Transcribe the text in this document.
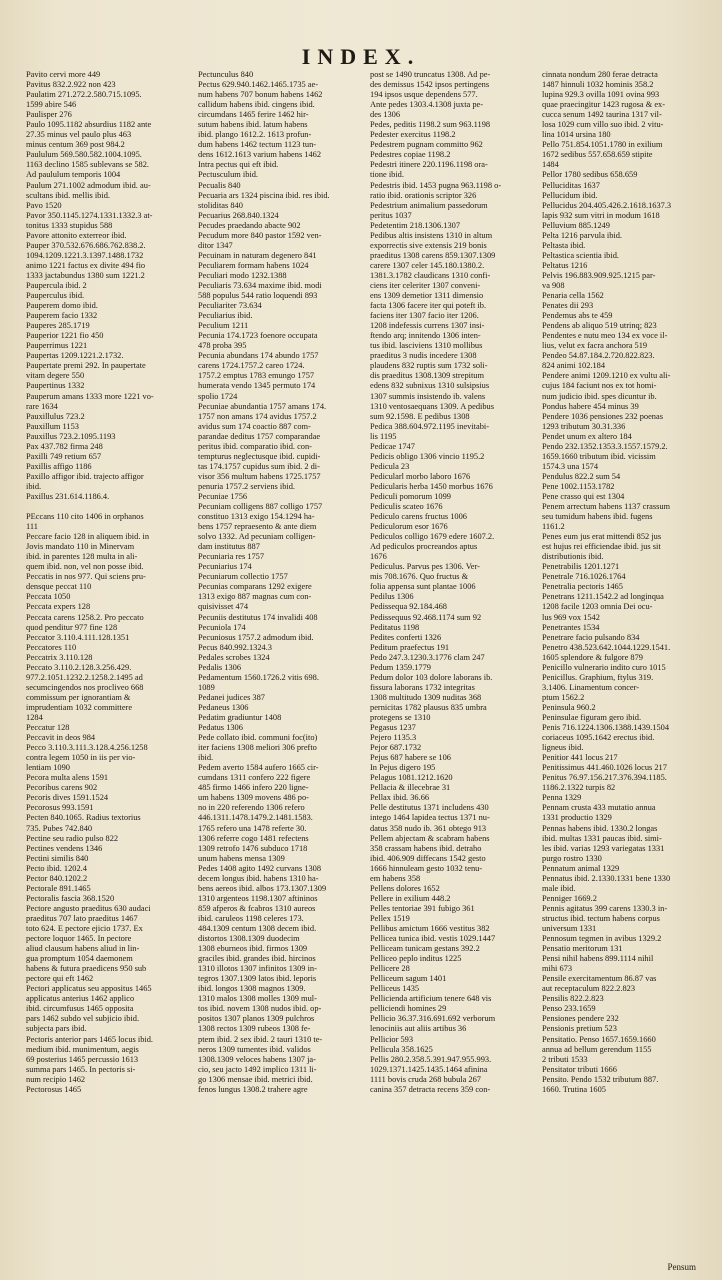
INDEX.
Pavito cervi more 449
Pavitus 832.2.922 non 423
Paulatim 271.272.2.580.715.1095.
1599 abire 546
Paulisper 276
Paulo 1095.1182 absurdius 1182 ante
27.35 minus vel paulo plus 463
minus centum 369 post 984.2
Paululum 569.580.582.1004.1095.
1163 declino 1585 sublevans se 582.
Ad paululum temporis 1004
Paulum 271.1002 admodum ibid. au-
scultans ibid. mellis ibid.
Pavo 1520
Pavor 350.1145.1274.1331.1332.3 at-
tonitus 1333 stupidus 588
Pavore attonito exterreor ibid.
Pauper 370.532.676.686.762.838.2.
1094.1209.1221.3.1397.1488.1732
animo 1221 factus ex divite 494 fio
1333 jactabundus 1380 sum 1221.2
Paupercula ibid. 2
Pauperculus ibid.
Pauperem domo ibid.
Pauperem facio 1332
Pauperes 285.1719
Pauperior 1221 fio 450
Pauperrimus 1221
Paupertas 1209.1221.2.1732.
Paupertate premi 292. In paupertate
vitam degere 550
Paupertinus 1332
Pauperum amans 1333 more 1221 vo-
rare 1634
Pauxillulus 723.2
Pauxillum 1153
Pauxillus 723.2.1095.1193
Pax 437.782 firma 248
Paxilli 749 retium 657
Paxillis affigo 1186
Paxillo affigor ibid. trajecto affigor
ibid.
Paxillus 231.614.1186.4.

PEccans 110 cito 1406 in orphanos
111
Peccare facio 128 in aliquem ibid. in
Jovis mandato 110 in Minervam
ibid. in parentes 128 multa in ali-
quem ibid. non, vel non posse ibid.
Peccatis in nos 977. Qui sciens pru-
densque peccat 110
Peccata 1050
Peccata expers 128
Peccata carens 1258.2. Pro peccato
quod penditur 977 fine 128
Peccator 3.110.4.111.128.1351
Peccatores 110
Peccatrix 3.110.128
Peccato 3.110.2.128.3.256.429.
977.2.1051.1232.2.1258.2.1495 ad
secumcingendos nos procliveo 668
commissum per ignorantiam &
imprudentiam 1032 committere
1284
Peccatur 128
Peccavit in deos 984
Pecco 3.110.3.111.3.128.4.256.1258
contra legem 1050 in iis per vio-
lentiam 1090
Pecora multa alens 1591
Pecoribus carens 902
Pecoris dives 1591.1524
Pecorosus 993.1591
Pecten 840.1065. Radius textorius
735. Pubes 742.840
Pectine seu radio pulso 822
Pectines vendens 1346
Pectini similis 840
Pecto ibid. 1202.4
Pector 840.1202.2
Pectorale 891.1465
Pectoralis fascia 368.1520
Pectore angusto praeditus 630 audaci
praeditus 707 lato praeditus 1467
toto 624. E pectore ejicio 1737. Ex
pectore loquor 1465. In pectore
aliud clausum habens aliud in lin-
gua promptum 1054 daemonem
habens & futura praedicens 950 sub
pectore qui eft 1462
Pectori applicatus seu appositus 1465
applicatus anterius 1462 applico
ibid. circumfusus 1465 opposita
pars 1462 subdo vel subjicio ibid.
subjecta pars ibid.
Pectoris anterior pars 1465 locus ibid.
medium ibid. munimentum, aegis
69 posterius 1465 percussio 1613
summa pars 1465. In pectoris si-
num recipio 1462
Pectorosus 1465
Pectunculus 840
Pectus 629.940.1462.1465.1735 ae-
num habens 707 bonum habens 1462
callidum habens ibid. cingens ibid.
circumdans 1465 ferire 1462 hir-
sutum habens ibid. latum habens
ibid. plango 1612.2. 1613 profun-
dum habens 1462 tectum 1123 tun-
dens 1612.1613 varium habens 1462
Intra pectus qui eft ibid.
Pectusculum ibid.
Pecualis 840
Pecuaria ars 1324 piscina ibid. res ibid.
stoliditas 840
Pecuarius 268.840.1324
Pecudes praedando abacte 902
Pecudum more 840 pastor 1592 ven-
ditor 1347
Pecuinam in naturam degenero 841
Peculiarem formam habens 1024
Peculiari modo 1232.1388
Peculiaris 73.634 maxime ibid. modi
588 populus 544 ratio loquendi 893
Peculiariter 73.634
Peculiarius ibid.
Peculium 1211
Pecunia 174.1723 foenore occupata
478 proba 395
Pecunia abundans 174 abundo 1757
carens 1724.1757.2 careo 1724.
1757.2 emptus 1783 emungo 1757
humerata vendo 1345 permuto 174
spolio 1724
Pecuniae abundantia 1757 amans 174.
1757 non amans 174 avidus 1757.2
avidus sum 174 coactio 887 com-
parandae deditus 1757 comparandae
peritus ibid. comparatio ibid. con-
tempturus neglectusque ibid. cupidi-
tas 174.1757 cupidus sum ibid. 2 di-
visor 356 multum habens 1725.1757
penuria 1757.2 serviens ibid.
Pecuniae 1756
Pecuniam colligens 887 colligo 1757
constituo 1313 exigo 154.1294 ha-
bens 1757 repraesento & ante diem
solvo 1332. Ad pecuniam colligen-
dam institutus 887
Pecuniaria res 1757
Pecuniarius 174
Pecuniarum collectio 1757
Pecunias comparans 1292 exigere
1313 exigo 887 magnas cum con-
quisivisset 474
Pecuniis destitutus 174 invalidi 408
Pecuniola 174
Pecuniosus 1757.2 admodum ibid.
Pecus 840.992.1324.3
Pedales scrobes 1324
Pedalis 1306
Pedamentum 1560.1726.2 vitis 698.
1089
Pedanei judices 387
Pedaneus 1306
Pedatim gradiuntur 1408
Pedatus 1306
Pede collato ibid. communi foc(ito)
iter faciens 1308 meliori 306 prefto
ibid.
Pedem averto 1584 aufero 1665 cir-
cumdans 1311 confero 222 figere
485 firmo 1466 infero 220 ligne-
um habens 1309 movens 486 po-
no in 220 referendo 1306 refero
446.1311.1478.1479.2.1481.1583.
1765 refero una 1478 referte 30.
1306 referre cogo 1481 refectens
1309 retrofo 1476 subduco 1718
unum habens mensa 1309
Pedes 1408 agito 1492 curvans 1308
decem longus ibid. habens 1310 ha-
bens aereos ibid. albos 173.1307.1309
1310 argenteos 1198.1307 aftininos
859 afperos & fcabros 1310 aureos
ibid. caruleos 1198 celeres 173.
484.1309 centum 1308 decem ibid.
distortos 1308.1309 duodecim
1308 eburneos ibid. firmos 1309
graciles ibid. grandes ibid. hircinos
1310 illotos 1307 infinitos 1309 in-
tegros 1307.1309 latos ibid. leporis
ibid. longos 1308 magnos 1309.
1310 malos 1308 molles 1309 mul-
tos ibid. novem 1308 nudos ibid. op-
positos 1307 planos 1309 pulchros
1308 rectos 1309 rubeos 1308 fe-
ptem ibid. 2 sex ibid. 2 tauri 1310 te-
neros 1309 tumentes ibid. validos
1308.1309 veloces habens 1307 ja-
cio, seu jacto 1492 implico 1311 li-
go 1306 mensae ibid. metrici ibid.
fenos lungus 1308.2 trahere agre
post se 1490 truncatus 1308. Ad pe-
des demissus 1542 ipsos pertingens
194 ipsos usque dependens 577.
Ante pedes 1303.4.1308 juxta pe-
des 1306
Pedes, peditis 1198.2 sum 963.1198
Pedester exercitus 1198.2
Pedestrem pugnam committo 962
Pedestres copiae 1198.2
Pedestri itinere 220.1196.1198 ora-
tione ibid.
Pedestris ibid. 1453 pugna 963.1198 o-
ratio ibid. orationis scriptor 326
Pedestrium animalium passedorum
peritus 1037
Pedetentim 218.1306.1307
Pedibus altis insistens 1310 in altum
exporrectis sive extensis 219 bonis
praeditus 1308 carens 859.1307.1309
carere 1307 celer 145.180.1380.2.
1381.3.1782 claudicans 1310 confi-
ciens iter celeriter 1307 conveni-
ens 1309 demetior 1311 dimensio
facta 1306 facere iter qui poteft ib.
faciens iter 1307 facio iter 1206.
1208 indefessis currens 1307 insi-
ftendo arq; innitendo 1306 inten-
tus ibid. lasciviens 1310 mollibus
praeditus 3 nudis incedere 1308
plaudens 832 ruptis sum 1732 soli-
dis praeditus 1308.1309 strepitum
edens 832 subnixus 1310 sulsipsius
1307 summis insistendo ib. valens
1310 ventosaequans 1309. A pedibus
sum 92.1598. E pedibus 1308
Pedica 388.604.972.1195 inevitabi-
lis 1195
Pedicae 1747
Pedicis obligo 1306 vincio 1195.2
Pedicula 23
Pedicularl morbo laboro 1676
Pedicularis herba 1450 morbus 1676
Pediculi pomorum 1099
Pediculis scateo 1676
Pediculo carens fructus 1006
Pediculorum esor 1676
Pediculos colligo 1679 edere 1607.2.
Ad pediculos procreandos aptus
1676
Pediculus. Parvus pes 1306. Ver-
mis 708.1676. Quo fructus &
folia appensa sunt plantae 1006
Pedilus 1306
Pedissequa 92.184.468
Pedissequus 92.468.1174 sum 92
Peditatus 1198
Pedites conferti 1326
Peditum praefectus 191
Pedo 247.3.1230.3.1776 clam 247
Pedum 1359.1779
Pedum dolor 103 dolore laborans ib.
fissura laborans 1732 integritas
1308 multitudo 1309 nuditas 368
pernicitas 1782 plausus 835 umbra
protegens se 1310
Pegasus 1237
Pejero 1135.3
Pejor 687.1732
Pejus 687 habere se 106
In Pejus digero 195
Pelagus 1081.1212.1620
Pellacia & illecebrae 31
Pellax ibid. 36.66
Pelle destitutus 1371 includens 430
intego 1464 lapidea tectus 1371 nu-
datus 358 nudo ib. 361 obtego 913
Pellem abjectam & scabram habens
358 crassam habens ibid. detraho
ibid. 406.909 diffecans 1542 gesto
1666 hinnuleam gesto 1032 tenu-
em habens 358
Pellens dolores 1652
Pellere in exilium 448.2
Pelles tentoriae 391 fubigo 361
Pellex 1519
Pellibus amictum 1666 vestitus 382
Pellicea tunica ibid. vestis 1029.1447
Pelliceam tunicam gestans 392.2
Pelliceo peplo inditus 1225
Pellicere 28
Pelliceum sagum 1401
Pelliceus 1435
Pellicienda artificium tenere 648 vis
pelliciendi homines 29
Pellicio 36.37.316.691.692 verborum
lenociniis aut aliis artibus 36
Pellicior 593
Pellicula 358.1625
Pellis 280.2.358.5.391.947.955.993.
1029.1371.1425.1435.1464 afinina
1111 bovis cruda 268 bubula 267
canina 357 detracta recens 359 con-
cinnata nondum 280 ferae detracta
1487 hinnuli 1032 hominis 358.2
lupina 929.3 ovilla 1091 ovina 993
quae praecingitur 1423 rugosa & ex-
cucca senum 1492 taurina 1317 vil-
losa 1029 cum villo suo ibid. 2 vitu-
lina 1014 ursina 180
Pello 751.854.1051.1780 in exilium
1672 sedibus 557.658.659 stipite
1484
Pellor 1780 sedibus 658.659
Pelluciditas 1637
Pellucidum ibid.
Pellucidus 204.405.426.2.1618.1637.3
lapis 932 sum vitri in modum 1618
Pelluvium 885.1249
Pelta 1216 parvula ibid.
Peltasta ibid.
Peltastica scientia ibid.
Peltatus 1216
Pelvis 196.883.909.925.1215 par-
va 908
Penaria cella 1562
Penates dii 293
Pendemus abs te 459
Pendens ab aliquo 519 utrinq; 823
Pendentes e nutu meo 134 ex voce il-
lius, velut ex facra anchora 519
Pendeo 54.87.184.2.720.822.823.
824 animi 102.184
Pendere animi 1209.1210 ex vultu ali-
cujus 184 faciunt nos ex tot homi-
num judicio ibid. spes dicuntur ib.
Pondus habere 454 minus 39
Pendere 1036 pensiones 232 poenas
1293 tributum 30.31.336
Pendet unum ex altero 184
Pendo 232.1352.1353.3.1557.1579.2.
1659.1660 tributum ibid. vicissim
1574.3 una 1574
Pendulus 822.2 sum 54
Pene 1002.1153.1782
Pene crasso qui est 1304
Penem arrectum habens 1137 crassum
seu tumidum habens ibid. fugens
1161.2
Penes eum jus erat mittendi 852 jus
est hujus rei efficiendae ibid. jus sit
distributionis ibid.
Penetrabilis 1201.1271
Penetrale 716.1026.1764
Penetralia pectoris 1465
Penetrans 1211.1542.2 ad longinqua
1208 facile 1203 omnia Dei ocu-
lus 969 vox 1542
Penetrantes 1534
Penetrare facio pulsando 834
Penetro 438.523.642.1044.1229.1541.
1605 splendore & fulgore 879
Penicillo vulnerario indito curo 1015
Penicillus. Graphium, ftylus 319.
3.1406. Linamentum concer-
ptum 1562.2
Peninsula 960.2
Peninsulae figuram gero ibid.
Penis 716.1224.1306.1388.1439.1504
coriaceus 1095.1642 erectus ibid.
ligneus ibid.
Penitior 441 locus 217
Penitissimus 441.460.1026 locus 217
Penitus 76.97.156.217.376.394.1185.
1186.2.1322 turpis 82
Penna 1329
Pennam crusta 433 mutatio annua
1331 productio 1329
Pennas habens ibid. 1330.2 longas
ibid. multas 1331 paucas ibid. simi-
les ibid. varias 1293 variegatas 1331
purgo rostro 1330
Pennatum animal 1329
Pennatus ibid. 2.1330.1331 bene 1330
male ibid.
Penniger 1669.2
Pennis agitatus 399 carens 1330.3 in-
structus ibid. tectum habens corpus
universum 1331
Pennosum tegmen in avibus 1329.2
Pensatio meritorum 131
Pensi nihil habens 899.1114 nihil
mihi 673
Pensile exercitamentum 86.87 vas
aut receptaculum 822.2.823
Pensilis 822.2.823
Penso 233.1659
Pensiones pendere 232
Pensionis pretium 523
Pensitatio. Penso 1657.1659.1660
annua ad bellum gerendum 1155
2 tributi 1533
Pensitator tributi 1666
Pensito. Pendo 1532 tributum 887.
1660. Trutina 1605
Pensum
